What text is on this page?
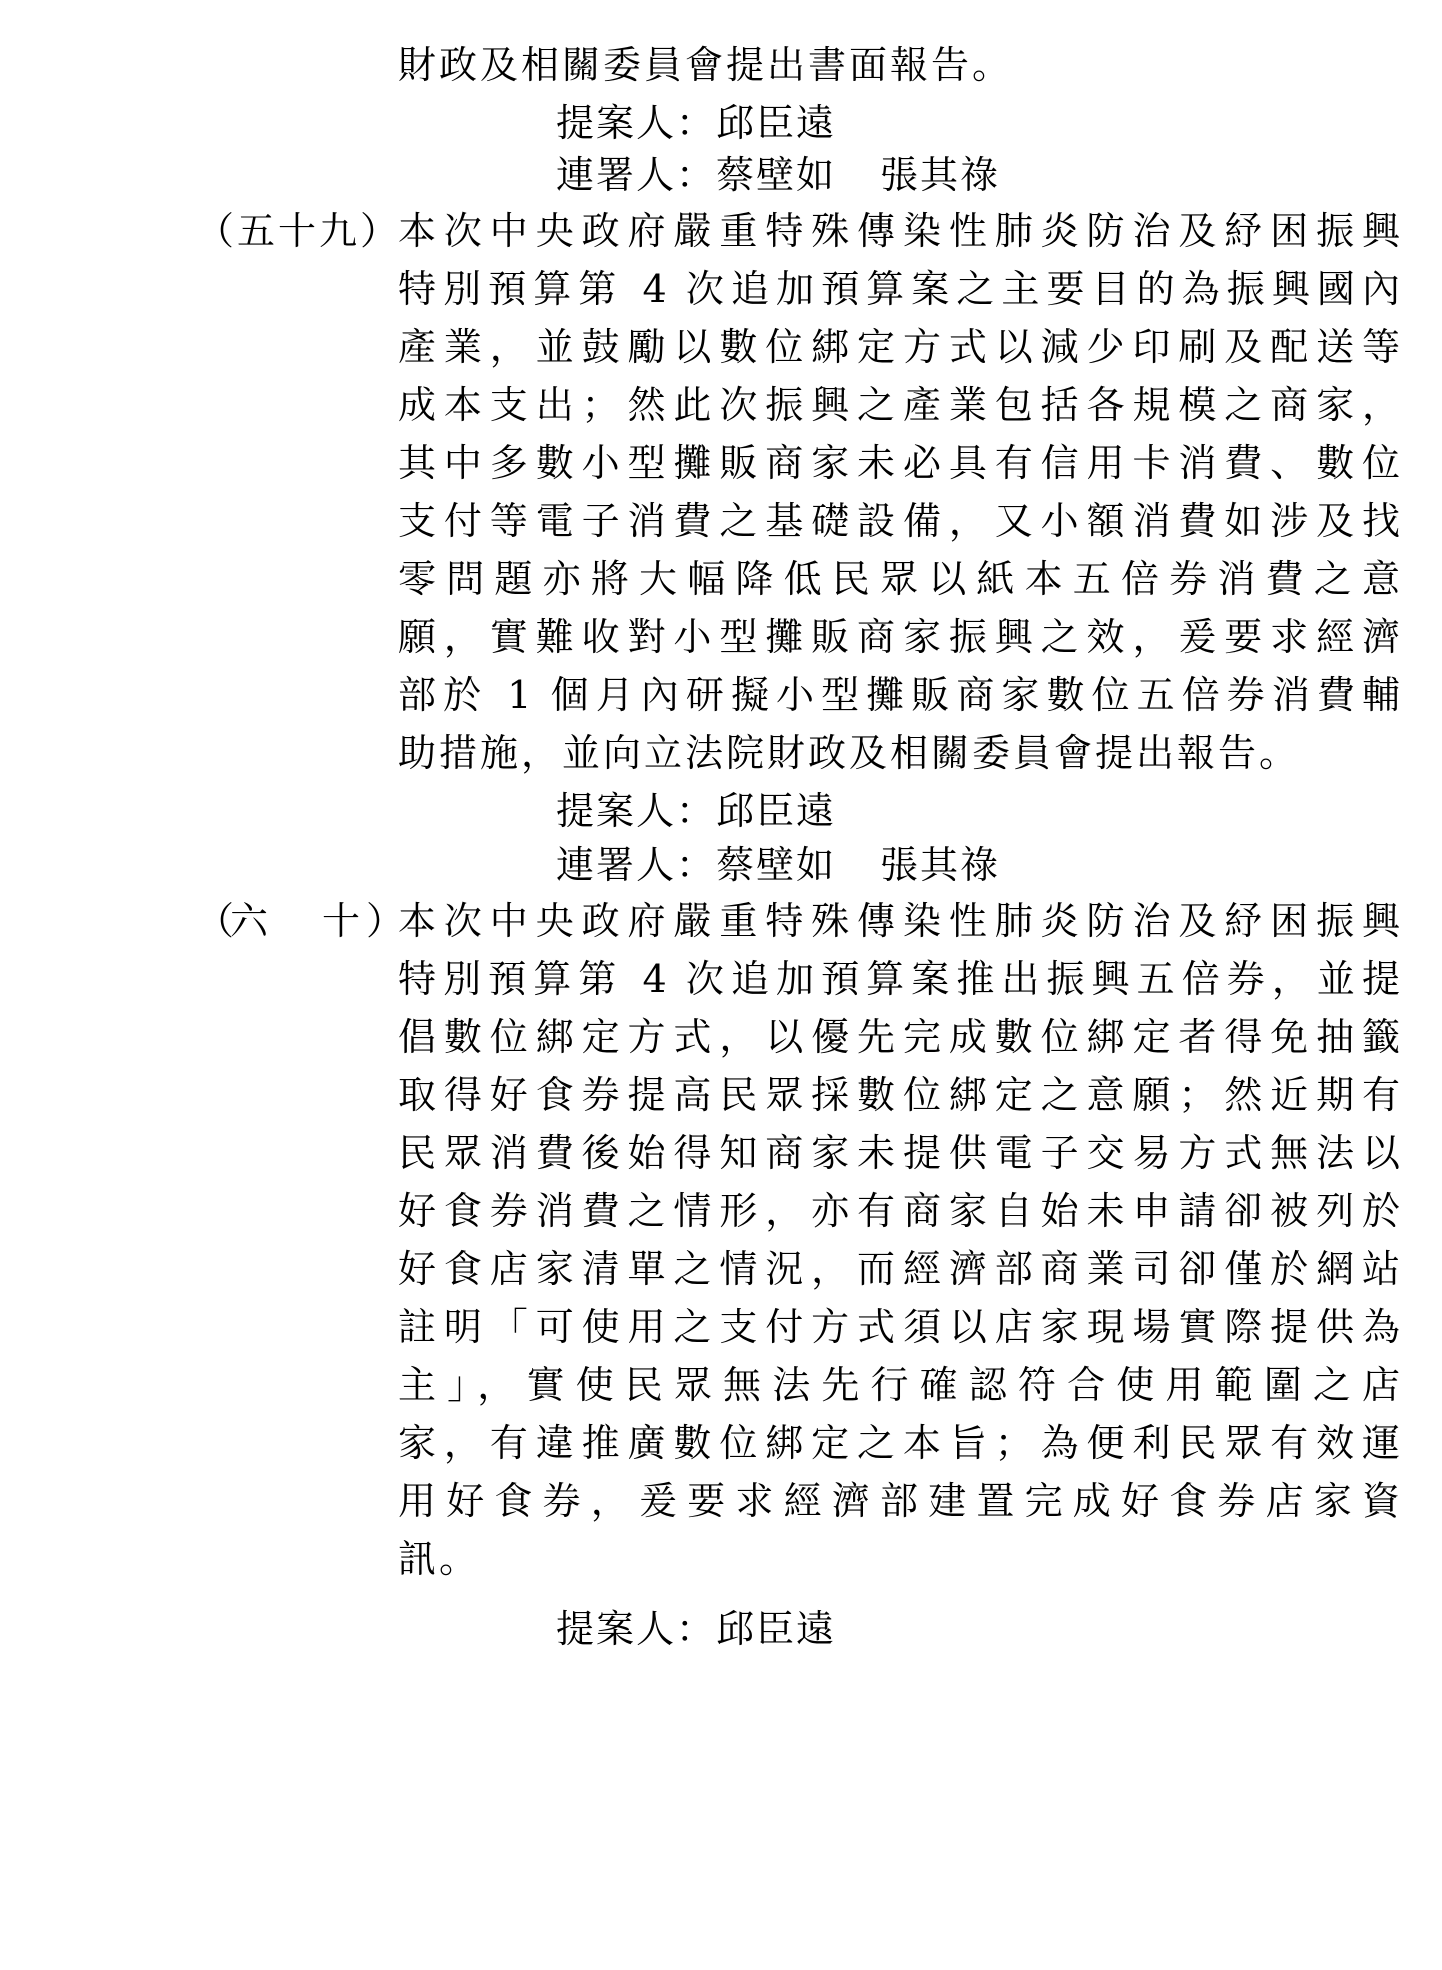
財政及相關委員會提出書面報告。
提案人：邱臣遠
連署人：蔡壁如 張其祿
（五十九） 本次中央政府嚴重特殊傳染性肺炎防治及紓困振興
特別預算第 4 次追加預算案之主要目的為振興國內
產業，並鼓勵以數位綁定方式以減少印刷及配送等
成本支出；然此次振興之產業包括各規模之商家，
其中多數小型攤販商家未必具有信用卡消費、數位
支付等電子消費之基礎設備，又小額消費如涉及找
零問題亦將大幅降低民眾以紙本五倍券消費之意
願，實難收對小型攤販商家振興之效，爰要求經濟
部於 1 個月內研擬小型攤販商家數位五倍券消費輔
助措施，並向立法院財政及相關委員會提出報告。
提案人：邱臣遠
連署人：蔡壁如 張其祿
（
六 十 ）
本次中央政府嚴重特殊傳染性肺炎防治及紓困振興
特別預算第 4 次追加預算案推出振興五倍券，並提
倡數位綁定方式，以優先完成數位綁定者得免抽籤
取得好食券提高民眾採數位綁定之意願；然近期有
民眾消費後始得知商家未提供電子交易方式無法以
好食券消費之情形，亦有商家自始未申請卻被列於
好食店家清單之情況，而經濟部商業司卻僅於網站
註明「可使用之支付方式須以店家現場實際提供為
主」，實使民眾無法先行確認符合使用範圍之店
家，有違推廣數位綁定之本旨；為便利民眾有效運
用好食券，爰要求經濟部建置完成好食券店家資
訊。
提案人：邱臣遠
